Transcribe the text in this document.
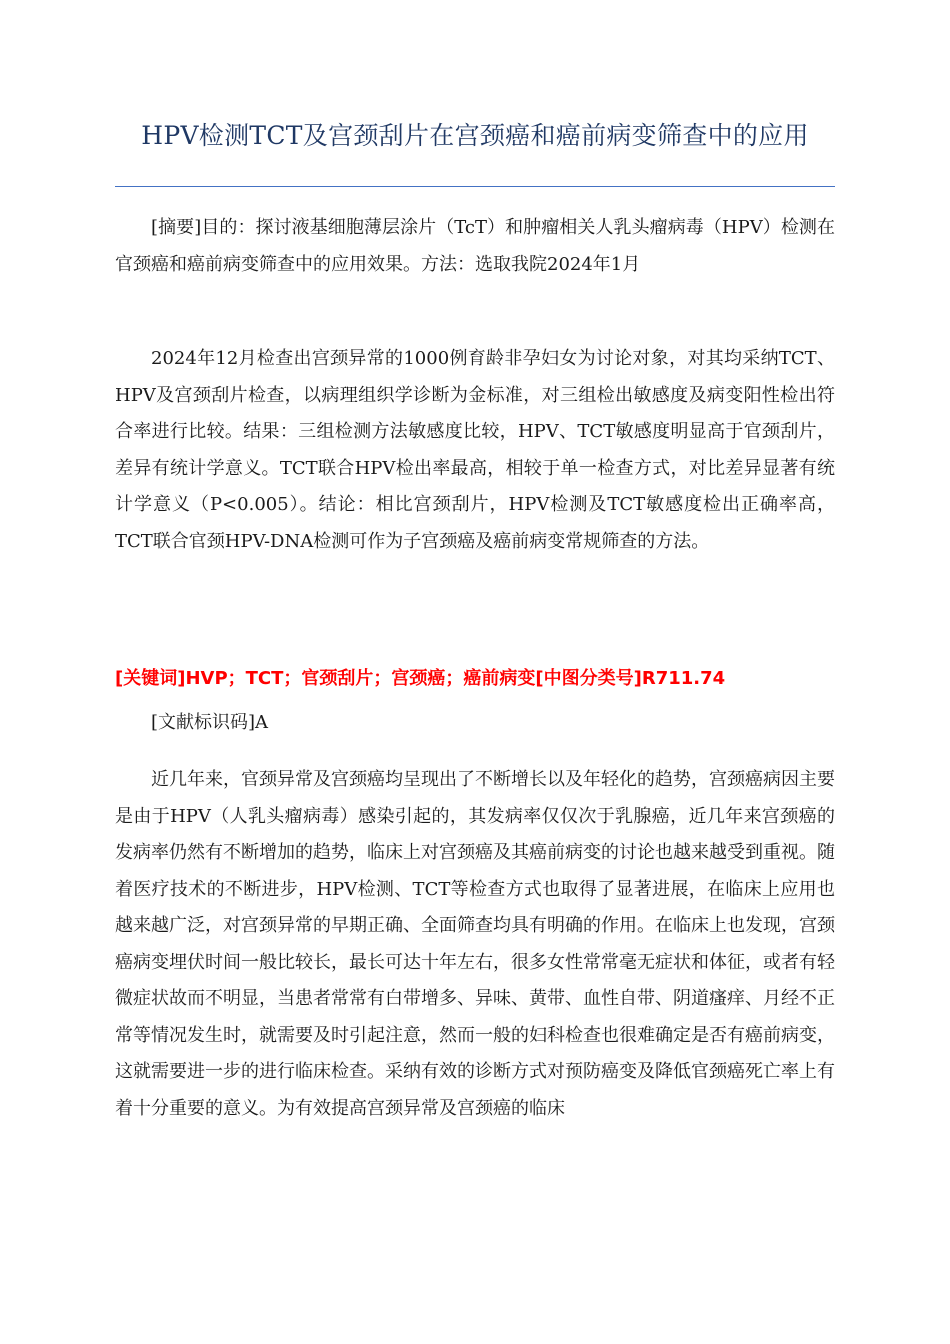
HPV检测TCT及宫颈刮片在宫颈癌和癌前病变筛查中的应用

[摘要]目的：探讨液基细胞薄层涂片（TcT）和肿瘤相关人乳头瘤病毒（HPV）检测在官颈癌和癌前病变筛查中的应用效果。方法：选取我院2024年1月

2024年12月检查出宫颈异常的1000例育龄非孕妇女为讨论对象，对其均采纳TCT、HPV及宫颈刮片检查，以病理组织学诊断为金标准，对三组检出敏感度及病变阳性检出符合率进行比较。结果：三组检测方法敏感度比较，HPV、TCT敏感度明显高于官颈刮片，差异有统计学意义。TCT联合HPV检出率最高，相较于单一检查方式，对比差异显著有统计学意义（P<0.005）。结论：相比宫颈刮片，HPV检测及TCT敏感度检出正确率高，TCT联合官颈HPV-DNA检测可作为子宫颈癌及癌前病变常规筛查的方法。

[关键词]HVP；TCT；官颈刮片；宫颈癌；癌前病变[中图分类号]R711.74

[文献标识码]A

近几年来，官颈异常及宫颈癌均呈现出了不断增长以及年轻化的趋势，宫颈癌病因主要是由于HPV（人乳头瘤病毒）感染引起的，其发病率仅仅次于乳腺癌，近几年来宫颈癌的发病率仍然有不断增加的趋势，临床上对宫颈癌及其癌前病变的讨论也越来越受到重视。随着医疗技术的不断进步，HPV检测、TCT等检查方式也取得了显著进展，在临床上应用也越来越广泛，对宫颈异常的早期正确、全面筛查均具有明确的作用。在临床上也发现，宫颈癌病变埋伏时间一般比较长，最长可达十年左右，很多女性常常毫无症状和体征，或者有轻微症状故而不明显，当患者常常有白带增多、异味、黄带、血性自带、阴道瘙痒、月经不正常等情况发生时，就需要及时引起注意，然而一般的妇科检查也很难确定是否有癌前病变，这就需要进一步的进行临床检查。采纳有效的诊断方式对预防癌变及降低官颈癌死亡率上有着十分重要的意义。为有效提高宫颈异常及宫颈癌的临床
